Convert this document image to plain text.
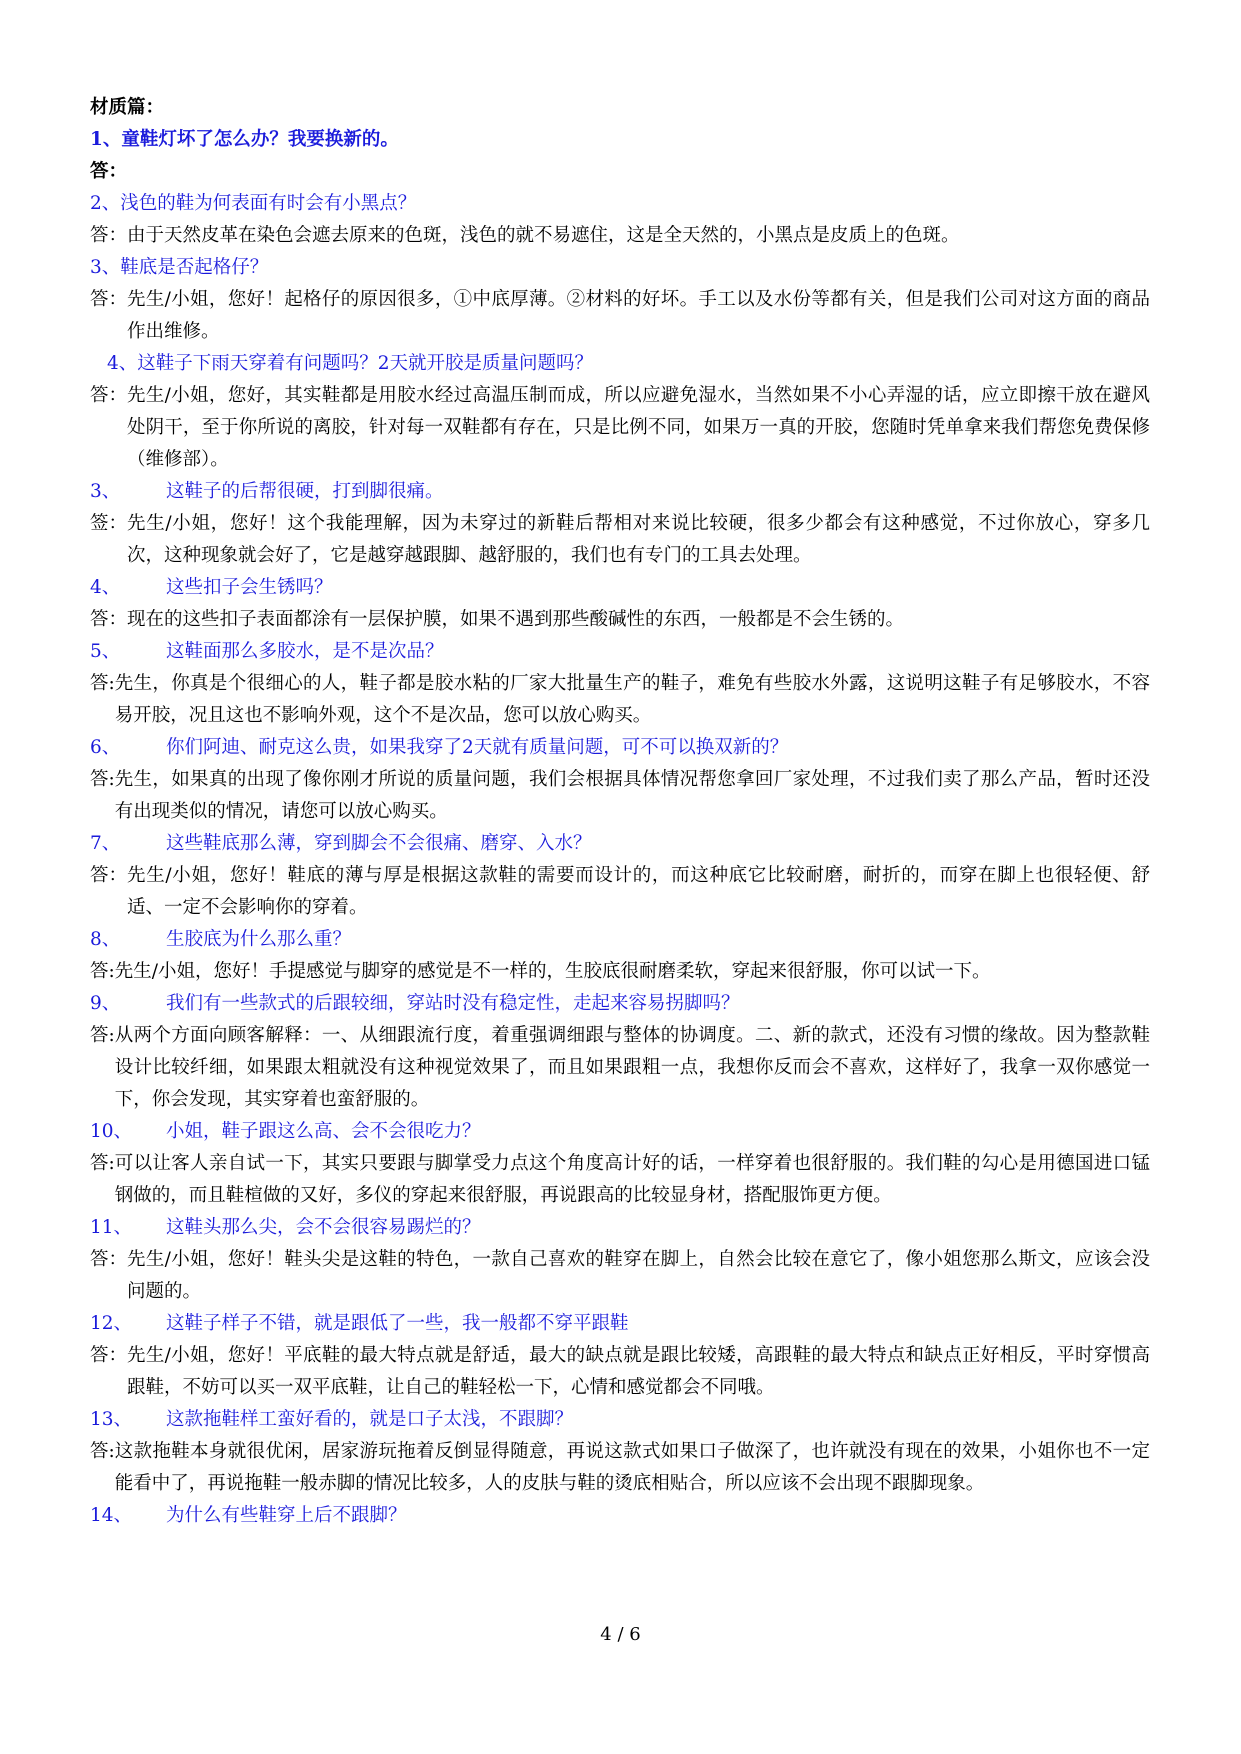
材质篇：
1、童鞋灯坏了怎么办？我要换新的。
答：
2、浅色的鞋为何表面有时会有小黑点？
答： 由于天然皮革在染色会遮去原来的色斑，浅色的就不易遮住，这是全天然的，小黑点是皮质上的色斑。
3、鞋底是否起格仔？
答： 先生/小姐，您好！起格仔的原因很多，①中底厚薄。②材料的好坏。手工以及水份等都有关，但是我们公司对这方面的商品作出维修。
4、这鞋子下雨天穿着有问题吗？2天就开胶是质量问题吗？
答： 先生/小姐，您好，其实鞋都是用胶水经过高温压制而成，所以应避免湿水，当然如果不小心弄湿的话，应立即擦干放在避风处阴干，至于你所说的离胶，针对每一双鞋都有存在，只是比例不同，如果万一真的开胶，您随时凭单拿来我们帮您免费保修（维修部）。
3、 这鞋子的后帮很硬，打到脚很痛。
签： 先生/小姐，您好！这个我能理解，因为未穿过的新鞋后帮相对来说比较硬，很多少都会有这种感觉，不过你放心，穿多几次，这种现象就会好了，它是越穿越跟脚、越舒服的，我们也有专门的工具去处理。
4、 这些扣子会生锈吗？
答： 现在的这些扣子表面都涂有一层保护膜，如果不遇到那些酸碱性的东西，一般都是不会生锈的。
5、 这鞋面那么多胶水，是不是次品？
答: 先生，你真是个很细心的人，鞋子都是胶水粘的厂家大批量生产的鞋子，难免有些胶水外露，这说明这鞋子有足够胶水，不容易开胶，况且这也不影响外观，这个不是次品，您可以放心购买。
6、 你们阿迪、耐克这么贵，如果我穿了2天就有质量问题，可不可以换双新的？
答: 先生，如果真的出现了像你刚才所说的质量问题，我们会根据具体情况帮您拿回厂家处理，不过我们卖了那么产品，暂时还没有出现类似的情况，请您可以放心购买。
7、 这些鞋底那么薄，穿到脚会不会很痛、磨穿、入水？
答： 先生/小姐，您好！鞋底的薄与厚是根据这款鞋的需要而设计的，而这种底它比较耐磨，耐折的，而穿在脚上也很轻便、舒适、一定不会影响你的穿着。
8、 生胶底为什么那么重？
答: 先生/小姐，您好！手提感觉与脚穿的感觉是不一样的，生胶底很耐磨柔软，穿起来很舒服，你可以试一下。
9、 我们有一些款式的后跟较细，穿站时没有稳定性，走起来容易拐脚吗？
答: 从两个方面向顾客解释：一、从细跟流行度，着重强调细跟与整体的协调度。二、新的款式，还没有习惯的缘故。因为整款鞋设计比较纤细，如果跟太粗就没有这种视觉效果了，而且如果跟粗一点，我想你反而会不喜欢，这样好了，我拿一双你感觉一下，你会发现，其实穿着也蛮舒服的。
10、 小姐，鞋子跟这么高、会不会很吃力？
答: 可以让客人亲自试一下，其实只要跟与脚掌受力点这个角度高计好的话，一样穿着也很舒服的。我们鞋的勾心是用德国进口锰钢做的，而且鞋楦做的又好，多仪的穿起来很舒服，再说跟高的比较显身材，搭配服饰更方便。
11、 这鞋头那么尖，会不会很容易踢烂的？
答： 先生/小姐，您好！鞋头尖是这鞋的特色，一款自己喜欢的鞋穿在脚上，自然会比较在意它了，像小姐您那么斯文，应该会没问题的。
12、 这鞋子样子不错，就是跟低了一些，我一般都不穿平跟鞋
答： 先生/小姐，您好！平底鞋的最大特点就是舒适，最大的缺点就是跟比较矮，高跟鞋的最大特点和缺点正好相反，平时穿惯高跟鞋，不妨可以买一双平底鞋，让自己的鞋轻松一下，心情和感觉都会不同哦。
13、 这款拖鞋样工蛮好看的，就是口子太浅，不跟脚？
答: 这款拖鞋本身就很优闲，居家游玩拖着反倒显得随意，再说这款式如果口子做深了，也许就没有现在的效果，小姐你也不一定能看中了，再说拖鞋一般赤脚的情况比较多，人的皮肤与鞋的烫底相贴合，所以应该不会出现不跟脚现象。
14、 为什么有些鞋穿上后不跟脚？
4 / 6
